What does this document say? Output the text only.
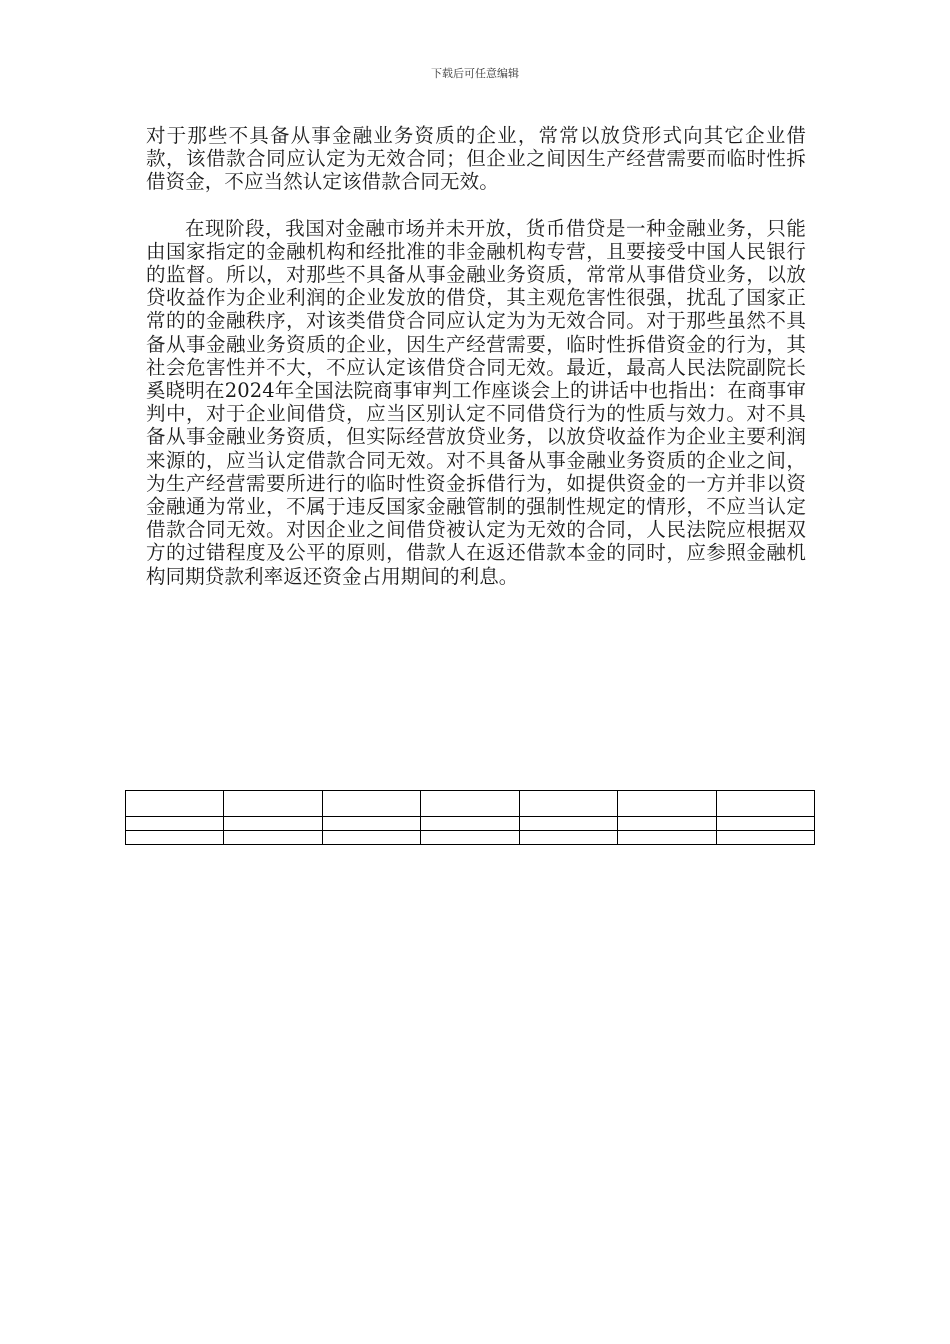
下载后可任意编辑

对于那些不具备从事金融业务资质的企业，常常以放贷形式向其它企业借款，该借款合同应认定为无效合同；但企业之间因生产经营需要而临时性拆借资金，不应当然认定该借款合同无效。

在现阶段，我国对金融市场并未开放，货币借贷是一种金融业务，只能由国家指定的金融机构和经批准的非金融机构专营，且要接受中国人民银行的监督。所以，对那些不具备从事金融业务资质，常常从事借贷业务，以放贷收益作为企业利润的企业发放的借贷，其主观危害性很强，扰乱了国家正常的的金融秩序，对该类借贷合同应认定为为无效合同。对于那些虽然不具备从事金融业务资质的企业，因生产经营需要，临时性拆借资金的行为，其社会危害性并不大，不应认定该借贷合同无效。最近，最高人民法院副院长奚晓明在2024年全国法院商事审判工作座谈会上的讲话中也指出：在商事审判中，对于企业间借贷，应当区别认定不同借贷行为的性质与效力。对不具备从事金融业务资质，但实际经营放贷业务，以放贷收益作为企业主要利润来源的，应当认定借款合同无效。对不具备从事金融业务资质的企业之间，为生产经营需要所进行的临时性资金拆借行为，如提供资金的一方并非以资金融通为常业，不属于违反国家金融管制的强制性规定的情形，不应当认定借款合同无效。对因企业之间借贷被认定为无效的合同，人民法院应根据双方的过错程度及公平的原则，借款人在返还借款本金的同时，应参照金融机构同期贷款利率返还资金占用期间的利息。
